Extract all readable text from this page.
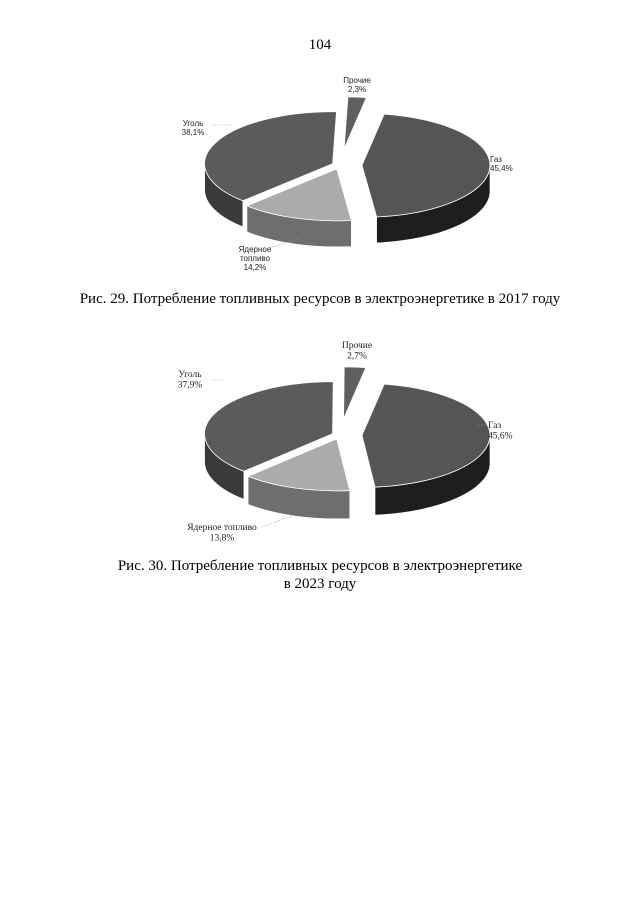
104
Газ 45,4%
Ядерное топливо 14,2%
Уголь 38,1%
Прочие 2,3%
Рис. 29. Потребление топливных ресурсов в электроэнергетике в 2017 году
Газ 45,6%
Ядерное топливо 13,8%
Уголь 37,9%
Прочие 2,7%
Рис. 30. Потребление топливных ресурсов в электроэнергетике
в 2023 году
